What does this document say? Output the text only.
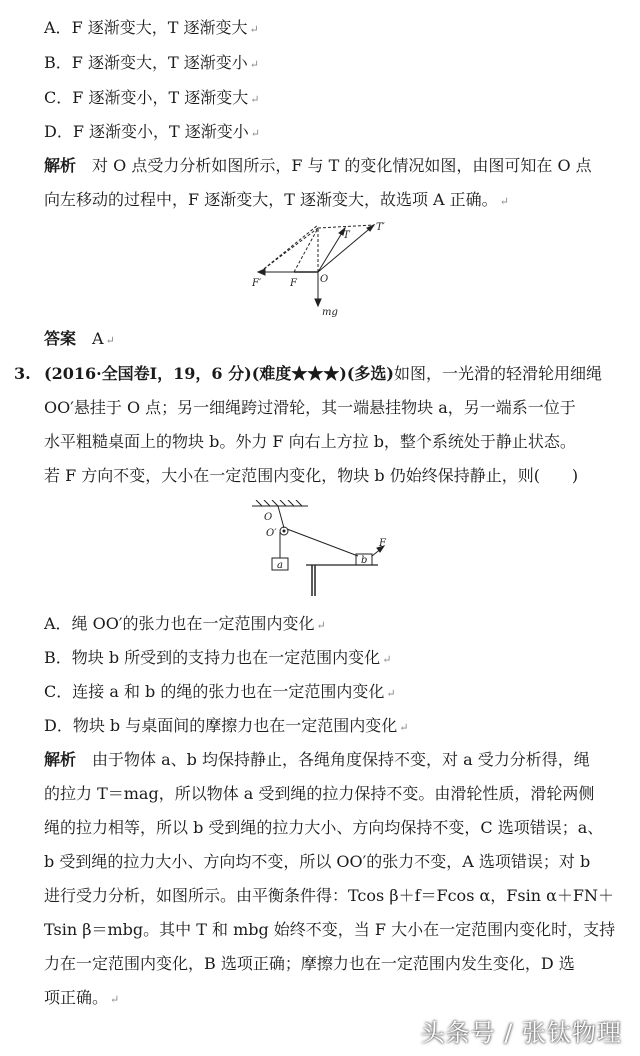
A．F 逐渐变大，T 逐渐变大 ↵
B．F 逐渐变大，T 逐渐变小 ↵
C．F 逐渐变小，T 逐渐变大 ↵
D．F 逐渐变小，T 逐渐变小 ↵
解析　 对 O 点受力分析如图所示，F 与 T 的变化情况如图，由图可知在 O 点
向左移动的过程中，F 逐渐变大，T 逐渐变大，故选项 A 正确。 ↵
T
T′
F′	F O
mg
答案　 A ↵
3. (2016·全国卷Ⅰ，19，6 分)(难度★★★)(多选)如图，一光滑的轻滑轮用细绳
OO′悬挂于 O 点；另一细绳跨过滑轮，其一端悬挂物块 a，另一端系一位于
水平粗糙桌面上的物块 b。外力 F 向右上方拉 b，整个系统处于静止状态。
若 F 方向不变，大小在一定范围内变化，物块 b 仍始终保持静止，则(　　)
O
O′
a	b
F
A．绳 OO′的张力也在一定范围内变化 ↵
B．物块 b 所受到的支持力也在一定范围内变化 ↵
C．连接 a 和 b 的绳的张力也在一定范围内变化 ↵
D．物块 b 与桌面间的摩擦力也在一定范围内变化 ↵
解析　 由于物体 a、b 均保持静止，各绳角度保持不变，对 a 受力分析得，绳
的拉力 T＝mag，所以物体 a 受到绳的拉力保持不变。由滑轮性质，滑轮两侧
绳的拉力相等，所以 b 受到绳的拉力大小、方向均保持不变，C 选项错误；a、
b 受到绳的拉力大小、方向均不变，所以 OO′的张力不变，A 选项错误；对 b
进行受力分析，如图所示。由平衡条件得：Tcos β＋f＝Fcos α，Fsin α＋FN＋
Tsin β＝mbg。其中 T 和 mbg 始终不变，当 F 大小在一定范围内变化时，支持
力在一定范围内变化，B 选项正确；摩擦力也在一定范围内发生变化，D 选
项正确。 ↵
头条号 / 张钛物理
